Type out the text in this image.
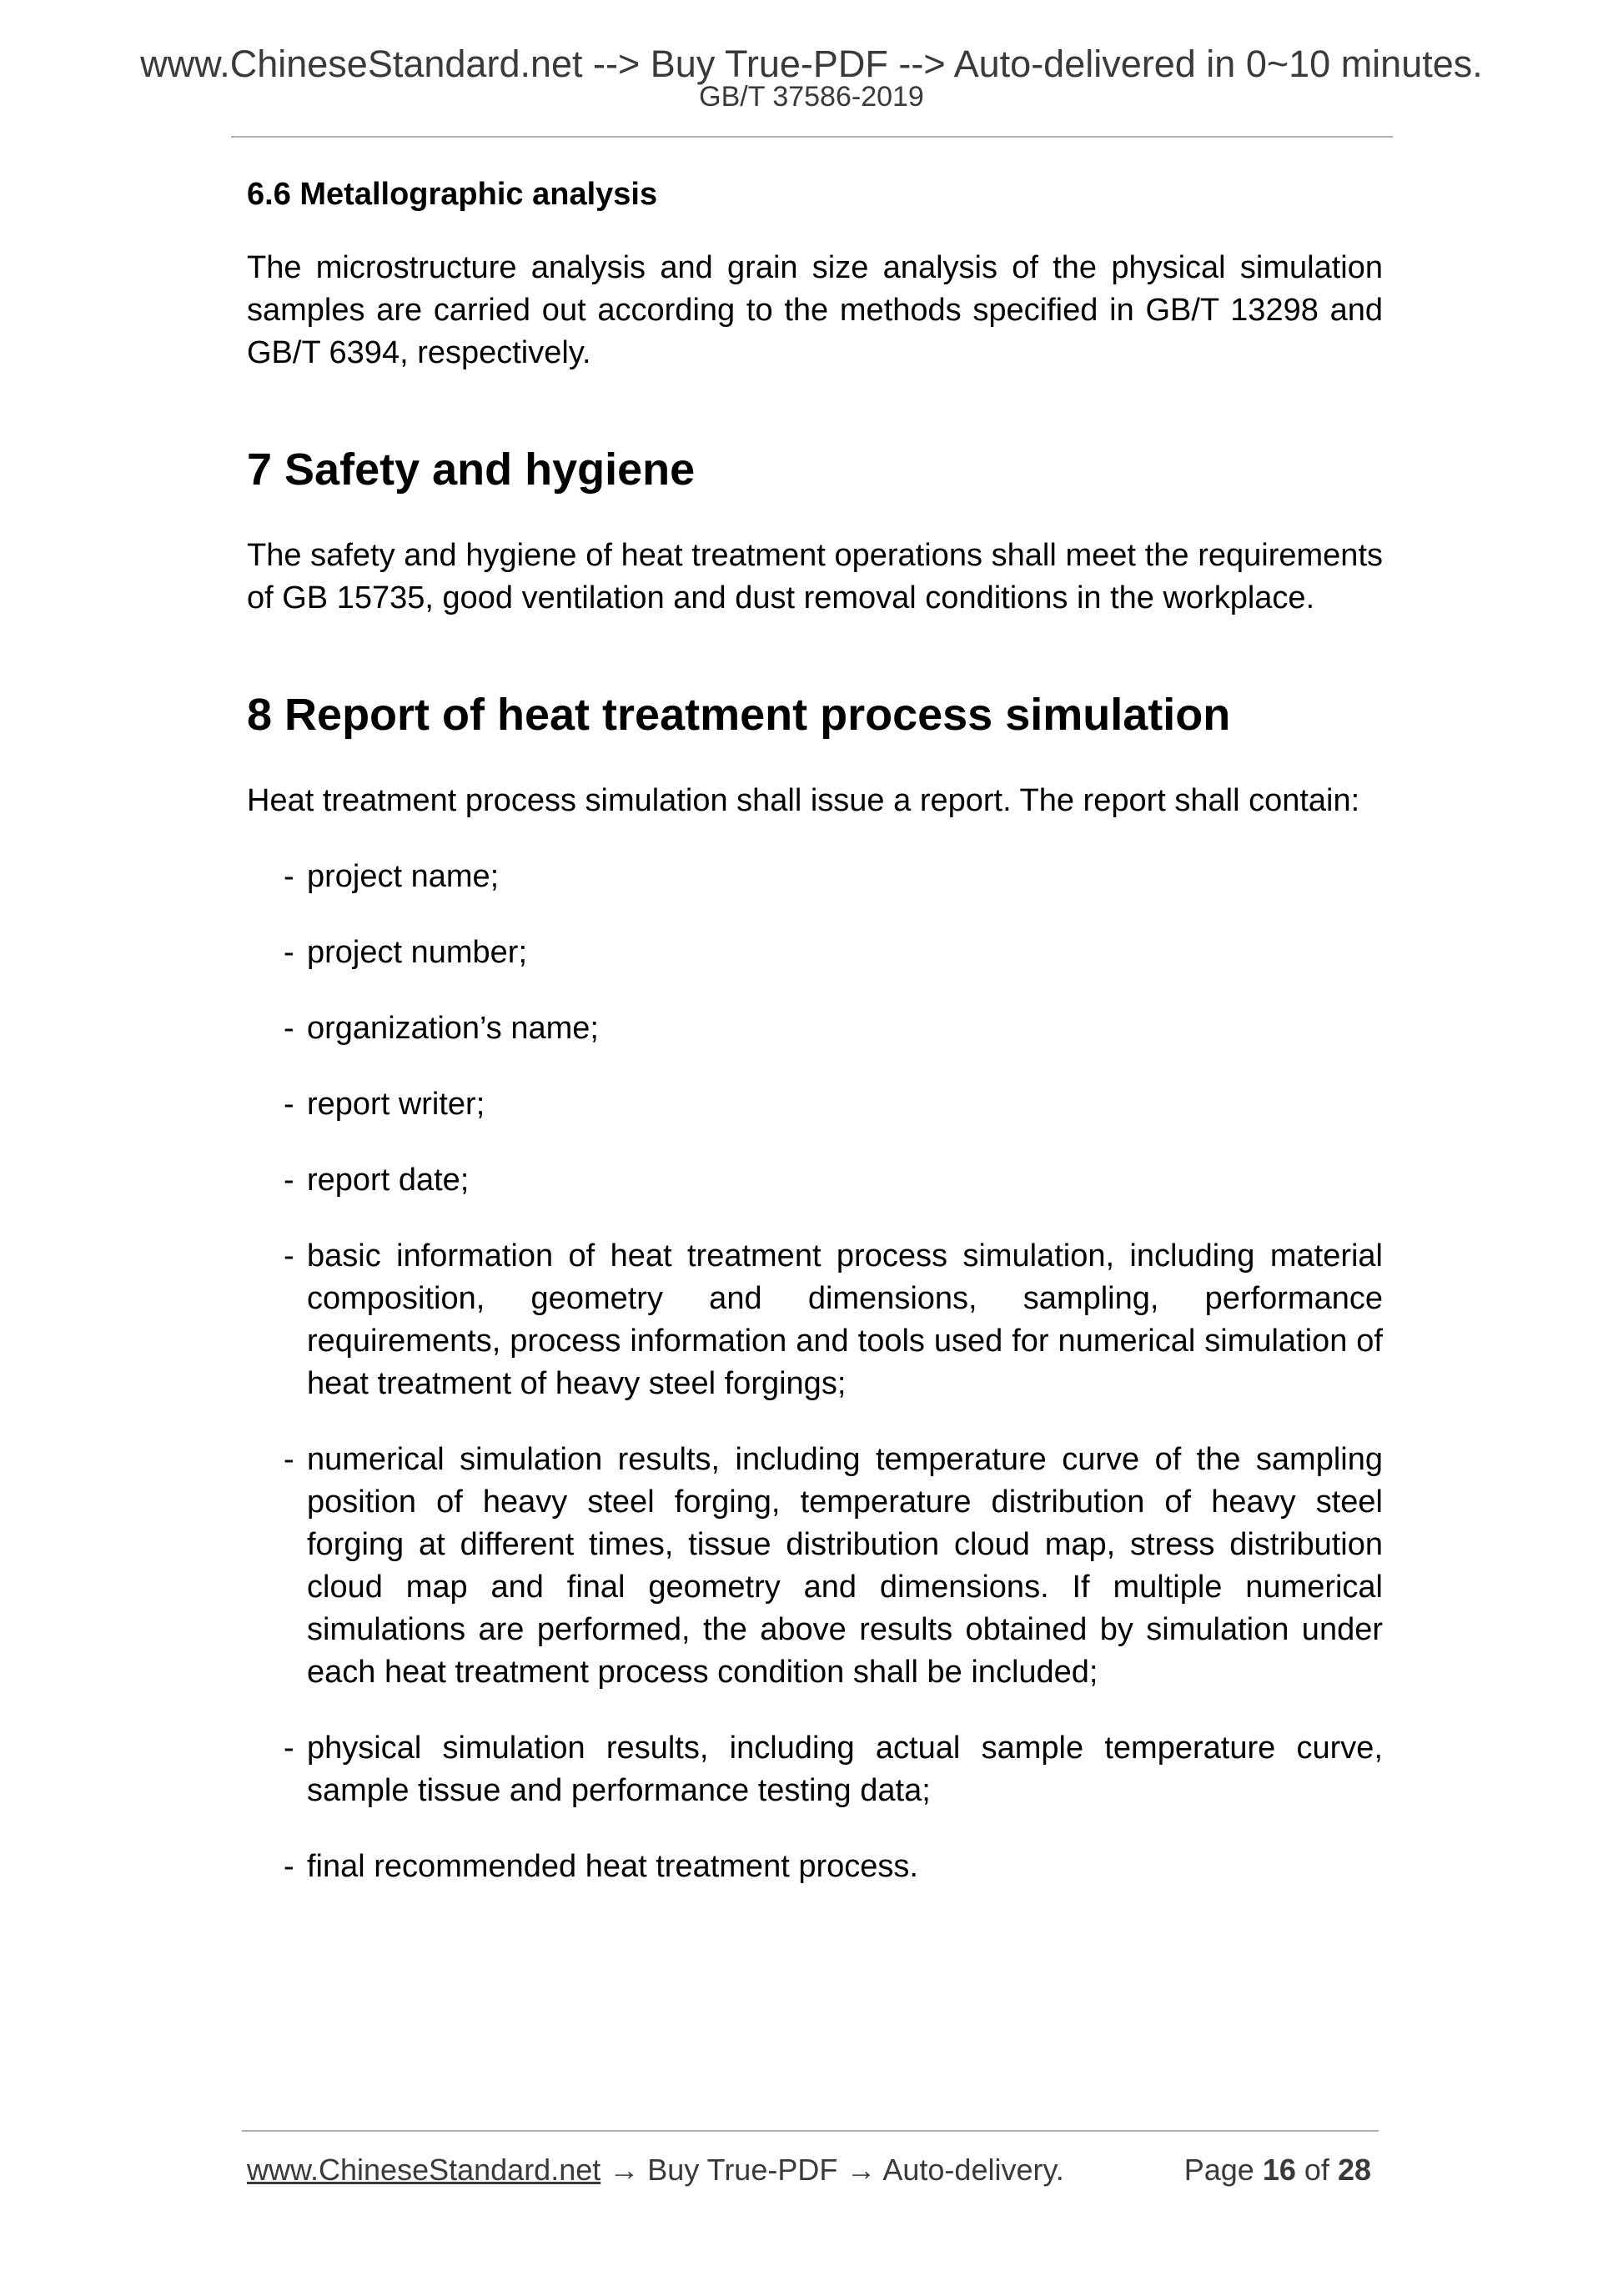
www.ChineseStandard.net --> Buy True-PDF --> Auto-delivered in 0~10 minutes.
GB/T 37586-2019
6.6 Metallographic analysis

The microstructure analysis and grain size analysis of the physical simulation samples are carried out according to the methods specified in GB/T 13298 and GB/T 6394, respectively.

7 Safety and hygiene

The safety and hygiene of heat treatment operations shall meet the requirements of GB 15735, good ventilation and dust removal conditions in the workplace.

8 Report of heat treatment process simulation

Heat treatment process simulation shall issue a report. The report shall contain:

- project name;
- project number;
- organization’s name;
- report writer;
- report date;
- basic information of heat treatment process simulation, including material composition, geometry and dimensions, sampling, performance requirements, process information and tools used for numerical simulation of heat treatment of heavy steel forgings;
- numerical simulation results, including temperature curve of the sampling position of heavy steel forging, temperature distribution of heavy steel forging at different times, tissue distribution cloud map, stress distribution cloud map and final geometry and dimensions. If multiple numerical simulations are performed, the above results obtained by simulation under each heat treatment process condition shall be included;
- physical simulation results, including actual sample temperature curve, sample tissue and performance testing data;
- final recommended heat treatment process.
www.ChineseStandard.net → Buy True-PDF → Auto-delivery.	Page 16 of 28
